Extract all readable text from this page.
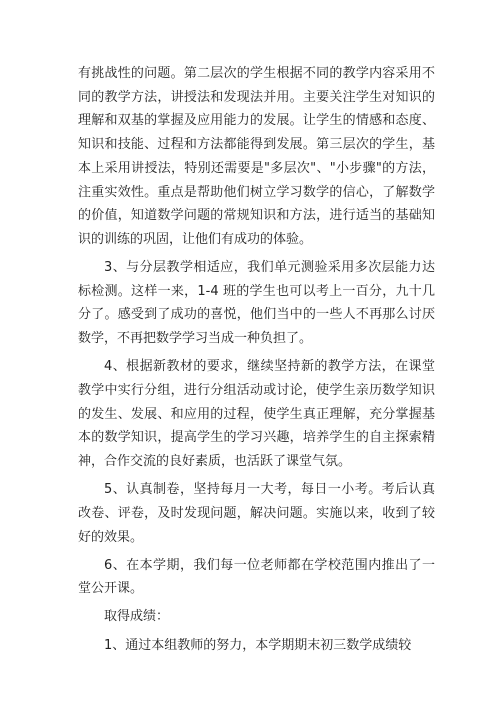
有挑战性的问题。第二层次的学生根据不同的教学内容采用不同的教学方法，讲授法和发现法并用。主要关注学生对知识的理解和双基的掌握及应用能力的发展。让学生的情感和态度、知识和技能、过程和方法都能得到发展。第三层次的学生，基本上采用讲授法，特别还需要是"多层次"、"小步骤"的方法，注重实效性。重点是帮助他们树立学习数学的信心，了解数学的价值，知道数学问题的常规知识和方法，进行适当的基础知识的训练的巩固，让他们有成功的体验。

3、与分层教学相适应，我们单元测验采用多次层能力达标检测。这样一来，1-4 班的学生也可以考上一百分，九十几分了。感受到了成功的喜悦，他们当中的一些人不再那么讨厌数学，不再把数学学习当成一种负担了。

4、根据新教材的要求，继续坚持新的教学方法，在课堂教学中实行分组，进行分组活动或讨论，使学生亲历数学知识的发生、发展、和应用的过程，使学生真正理解，充分掌握基本的数学知识，提高学生的学习兴趣，培养学生的自主探索精神，合作交流的良好素质，也活跃了课堂气氛。

5、认真制卷，坚持每月一大考，每日一小考。考后认真改卷、评卷，及时发现问题，解决问题。实施以来，收到了较好的效果。

6、在本学期，我们每一位老师都在学校范围内推出了一堂公开课。

取得成绩：

1、通过本组教师的努力，本学期期末初三数学成绩较
